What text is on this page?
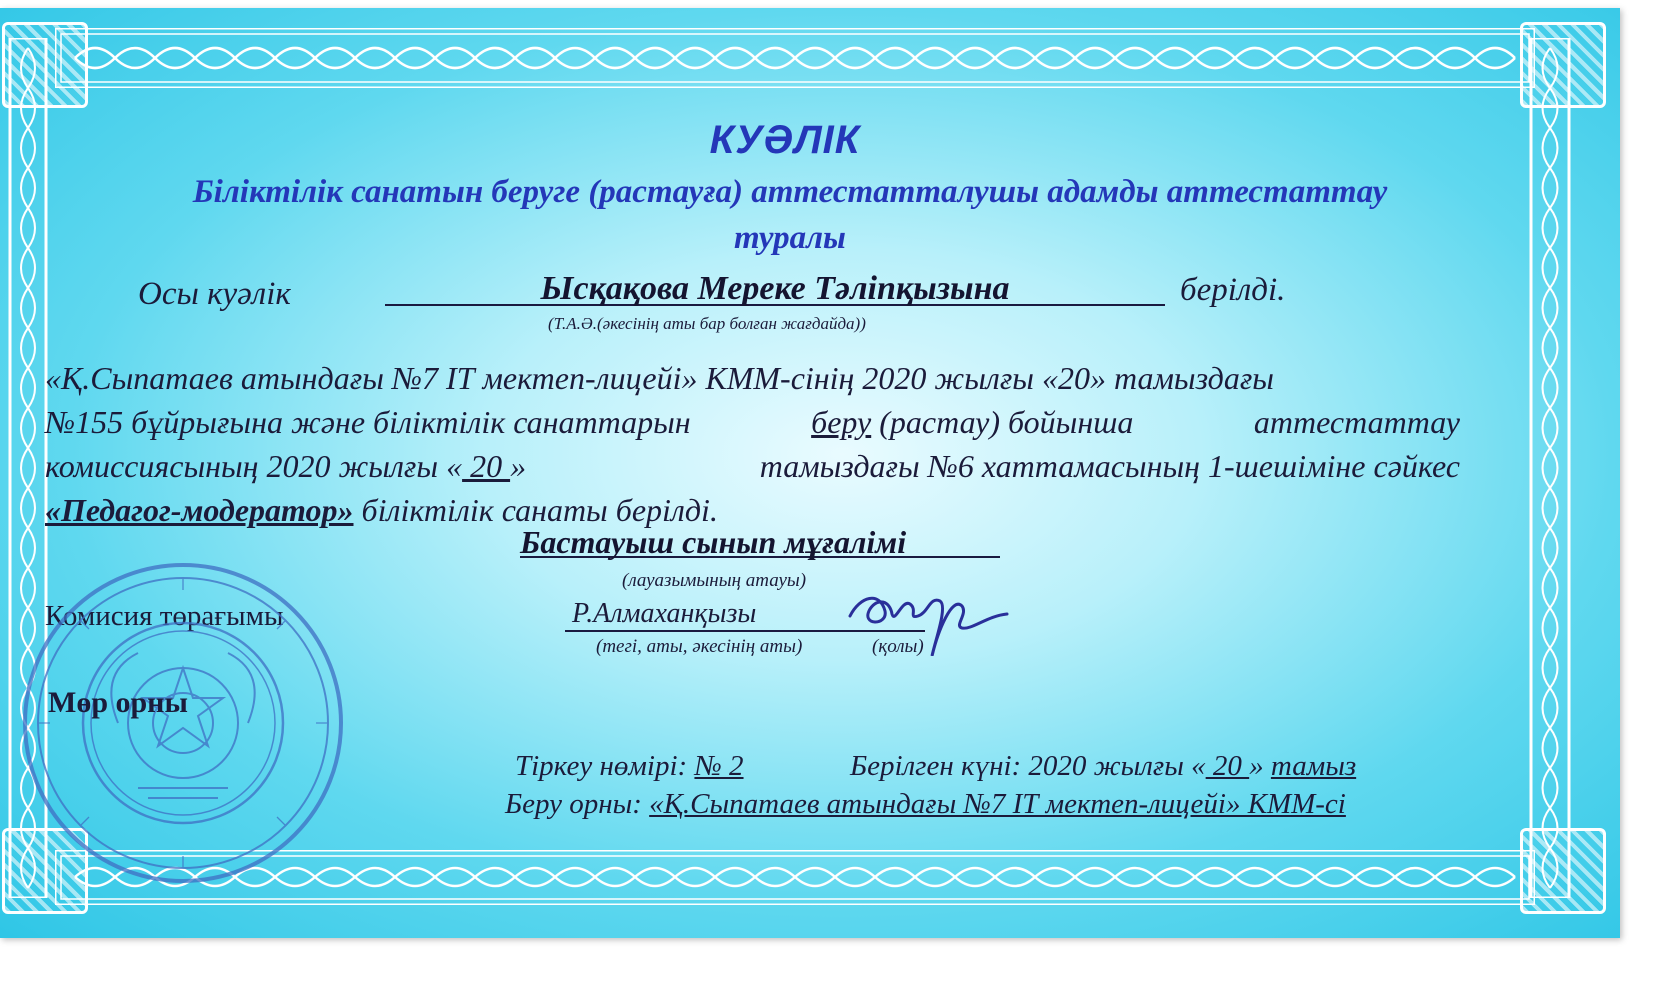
КУӘЛІК
Біліктілік санатын беруге (растауға) аттестатталушы адамды аттестаттау
туралы
Осы куәлік	Ысқақова Мереке Тәліпқызына	берілді.
(Т.А.Ә.(әкесінің аты бар болған жағдайда))
«Қ.Сыпатаев атындағы №7 ІТ мектеп-лицейі» КММ-сінің 2020 жылғы «20» тамыздағы
№155 бұйрығына және біліктілік санаттарын	беру (растау) бойынша	аттестаттау
комиссиясының 2020 жылғы « 20 »	тамыздағы №6 хаттамасының 1-шешіміне сәйкес
«Педагог-модератор» біліктілік санаты берілді.
Бастауыш сынып мұғалімі
(лауазымының атауы)
Комисия төрағымы	Р.Алмаханқызы
(тегі, аты, әкесінің аты)	(қолы)
Мөр орны
Тіркеу нөмірі: № 2	Берілген күні: 2020 жылғы « 20 » тамыз
Беру орны: «Қ.Сыпатаев атындағы №7 ІТ мектеп-лицейі» КММ-сі
